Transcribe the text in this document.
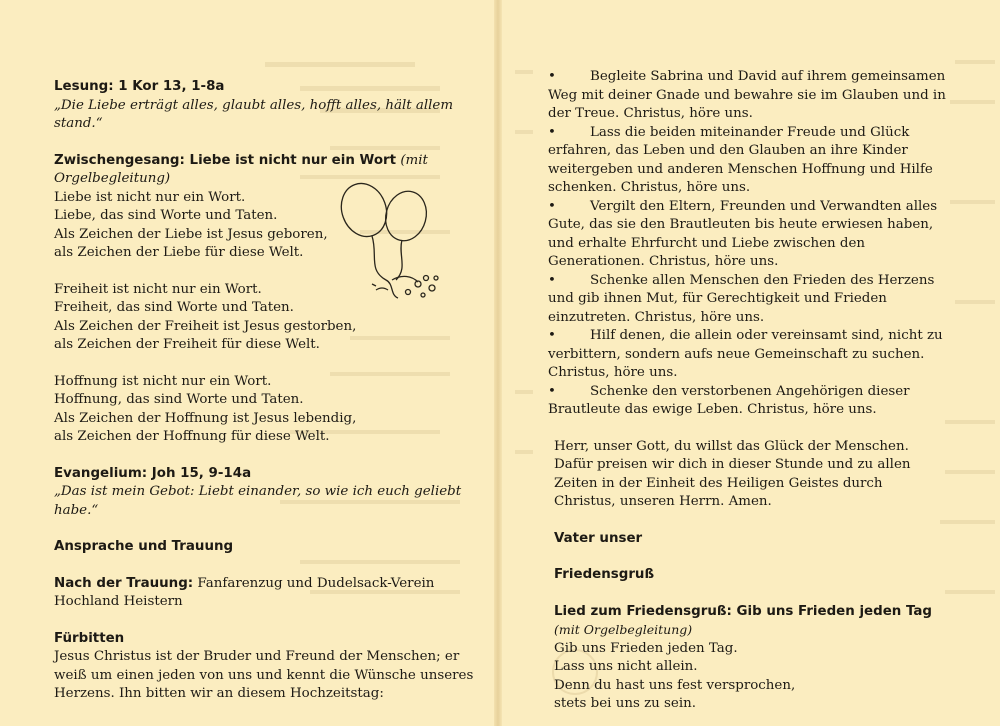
Lesung: 1 Kor 13, 1-8a

„Die Liebe erträgt alles, glaubt alles, hofft alles, hält allem stand.“

Zwischengesang: Liebe ist nicht nur ein Wort (mit Orgelbegleitung)

Liebe ist nicht nur ein Wort.

Liebe, das sind Worte und Taten.

Als Zeichen der Liebe ist Jesus geboren,

als Zeichen der Liebe für diese Welt.

Freiheit ist nicht nur ein Wort.

Freiheit, das sind Worte und Taten.

Als Zeichen der Freiheit ist Jesus gestorben,

als Zeichen der Freiheit für diese Welt.

Hoffnung ist nicht nur ein Wort.

Hoffnung, das sind Worte und Taten.

Als Zeichen der Hoffnung ist Jesus lebendig,

als Zeichen der Hoffnung für diese Welt.

Evangelium: Joh 15, 9-14a

„Das ist mein Gebot: Liebt einander, so wie ich euch geliebt habe.“

Ansprache und Trauung

Nach der Trauung: Fanfarenzug und Dudelsack-Verein Hochland Heistern

Fürbitten

Jesus Christus ist der Bruder und Freund der Menschen; er weiß um einen jeden von uns und kennt die Wünsche unseres Herzens. Ihn bitten wir an diesem Hochzeitstag:

• Begleite Sabrina und David auf ihrem gemeinsamen Weg mit deiner Gnade und bewahre sie im Glauben und in der Treue. Christus, höre uns.

• Lass die beiden miteinander Freude und Glück erfahren, das Leben und den Glauben an ihre Kinder weitergeben und anderen Menschen Hoffnung und Hilfe schenken. Christus, höre uns.

• Vergilt den Eltern, Freunden und Verwandten alles Gute, das sie den Brautleuten bis heute erwiesen haben, und erhalte Ehrfurcht und Liebe zwischen den Generationen. Christus, höre uns.

• Schenke allen Menschen den Frieden des Herzens und gib ihnen Mut, für Gerechtigkeit und Frieden einzutreten. Christus, höre uns.

• Hilf denen, die allein oder vereinsamt sind, nicht zu verbittern, sondern aufs neue Gemeinschaft zu suchen. Christus, höre uns.

• Schenke den verstorbenen Angehörigen dieser Brautleute das ewige Leben. Christus, höre uns.

Herr, unser Gott, du willst das Glück der Menschen. Dafür preisen wir dich in dieser Stunde und zu allen Zeiten in der Einheit des Heiligen Geistes durch Christus, unseren Herrn. Amen.

Vater unser

Friedensgruß

Lied zum Friedensgruß: Gib uns Frieden jeden Tag

(mit Orgelbegleitung)

Gib uns Frieden jeden Tag.

Lass uns nicht allein.

Denn du hast uns fest versprochen,

stets bei uns zu sein.
